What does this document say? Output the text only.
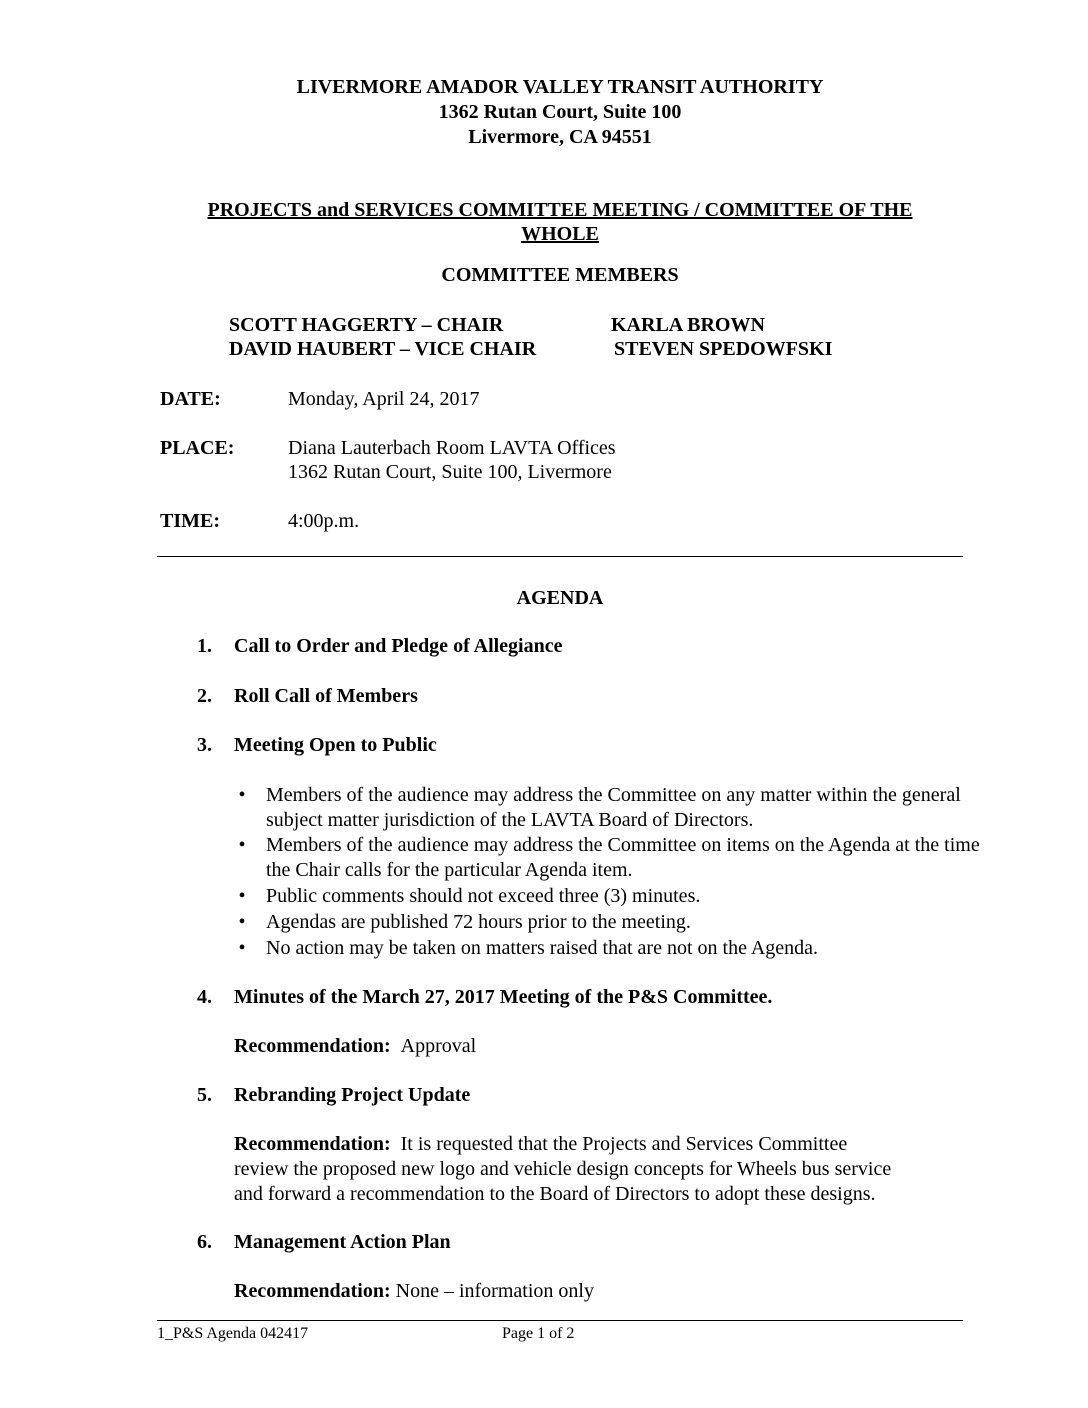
LIVERMORE AMADOR VALLEY TRANSIT AUTHORITY
1362 Rutan Court, Suite 100
Livermore, CA 94551
PROJECTS and SERVICES COMMITTEE MEETING / COMMITTEE OF THE
WHOLE
COMMITTEE MEMBERS
SCOTT HAGGERTY – CHAIR	KARLA BROWN
DAVID HAUBERT – VICE CHAIR	STEVEN SPEDOWFSKI
DATE:	Monday, April 24, 2017
PLACE:	Diana Lauterbach Room LAVTA Offices
1362 Rutan Court, Suite 100, Livermore
TIME:	4:00p.m.
AGENDA
1. Call to Order and Pledge of Allegiance
2. Roll Call of Members
3. Meeting Open to Public
•	Members of the audience may address the Committee on any matter within the general subject matter jurisdiction of the LAVTA Board of Directors.
•	Members of the audience may address the Committee on items on the Agenda at the time the Chair calls for the particular Agenda item.
•	Public comments should not exceed three (3) minutes.
•	Agendas are published 72 hours prior to the meeting.
•	No action may be taken on matters raised that are not on the Agenda.
4. Minutes of the March 27, 2017 Meeting of the P&S Committee.
Recommendation: Approval
5. Rebranding Project Update
Recommendation: It is requested that the Projects and Services Committee
review the proposed new logo and vehicle design concepts for Wheels bus service
and forward a recommendation to the Board of Directors to adopt these designs.
6. Management Action Plan
Recommendation: None – information only
1_P&S Agenda 042417	Page 1 of 2
